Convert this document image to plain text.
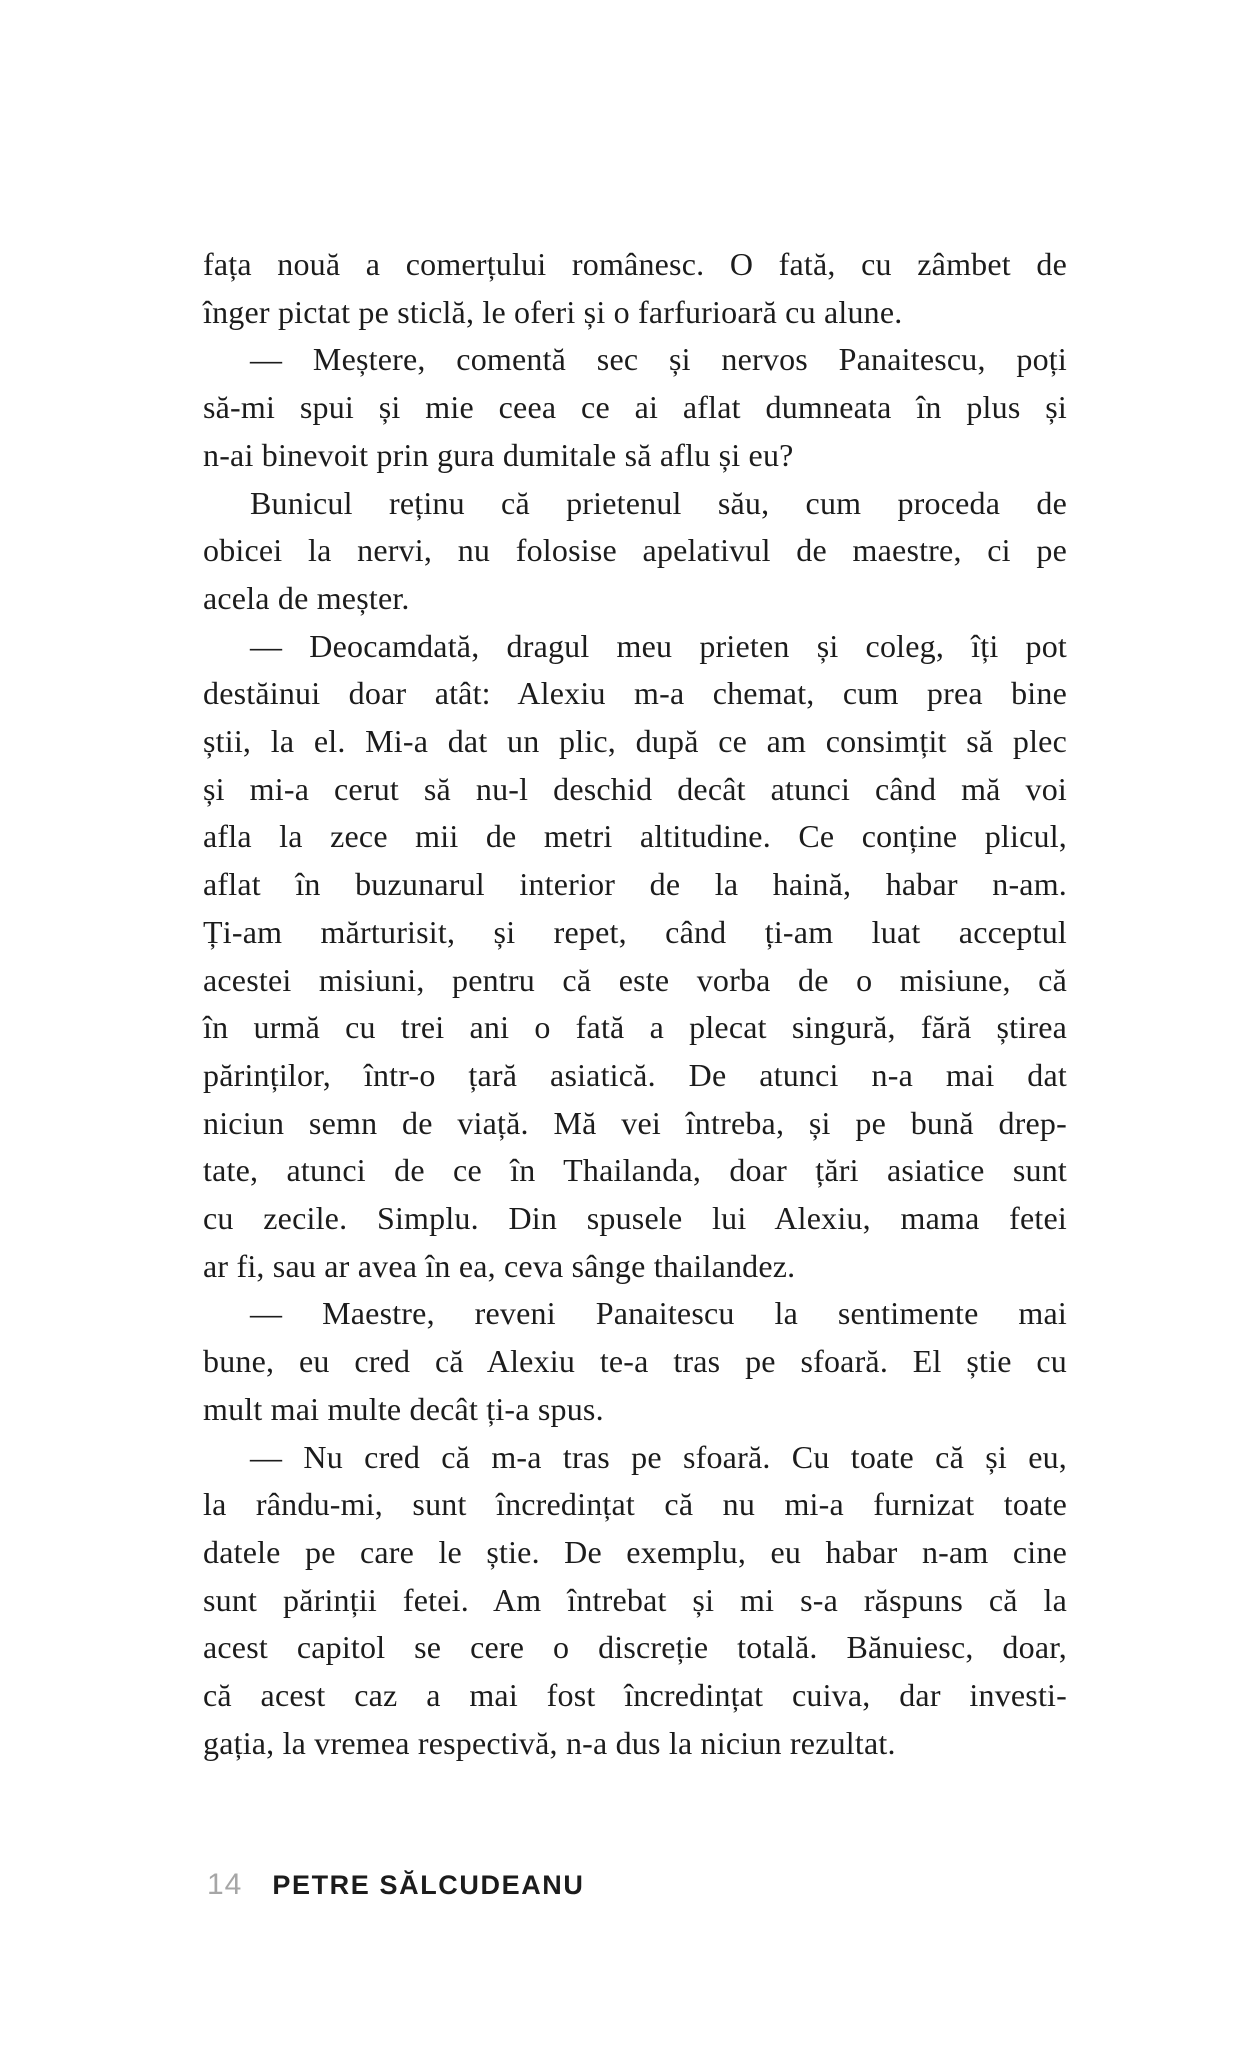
fața nouă a comerțului românesc. O fată, cu zâmbet de
înger pictat pe sticlă, le oferi și o farfurioară cu alune.
— Meștere, comentă sec și nervos Panaitescu, poți
să-mi spui și mie ceea ce ai aflat dumneata în plus și
n-ai binevoit prin gura dumitale să aflu și eu?
Bunicul reținu că prietenul său, cum proceda de
obicei la nervi, nu folosise apelativul de maestre, ci pe
acela de meșter.
— Deocamdată, dragul meu prieten și coleg, îți pot
destăinui doar atât: Alexiu m-a chemat, cum prea bine
știi, la el. Mi-a dat un plic, după ce am consimțit să plec
și mi-a cerut să nu-l deschid decât atunci când mă voi
afla la zece mii de metri altitudine. Ce conține plicul,
aflat în buzunarul interior de la haină, habar n-am.
Ți-am mărturisit, și repet, când ți-am luat acceptul
acestei misiuni, pentru că este vorba de o misiune, că
în urmă cu trei ani o fată a plecat singură, fără știrea
părinților, într-o țară asiatică. De atunci n-a mai dat
niciun semn de viață. Mă vei întreba, și pe bună drep-
tate, atunci de ce în Thailanda, doar țări asiatice sunt
cu zecile. Simplu. Din spusele lui Alexiu, mama fetei
ar fi, sau ar avea în ea, ceva sânge thailandez.
— Maestre, reveni Panaitescu la sentimente mai
bune, eu cred că Alexiu te-a tras pe sfoară. El știe cu
mult mai multe decât ți-a spus.
— Nu cred că m-a tras pe sfoară. Cu toate că și eu,
la rându-mi, sunt încredințat că nu mi-a furnizat toate
datele pe care le știe. De exemplu, eu habar n-am cine
sunt părinții fetei. Am întrebat și mi s-a răspuns că la
acest capitol se cere o discreție totală. Bănuiesc, doar,
că acest caz a mai fost încredințat cuiva, dar investi-
gația, la vremea respectivă, n-a dus la niciun rezultat.
14 PETRE SĂLCUDEANU
